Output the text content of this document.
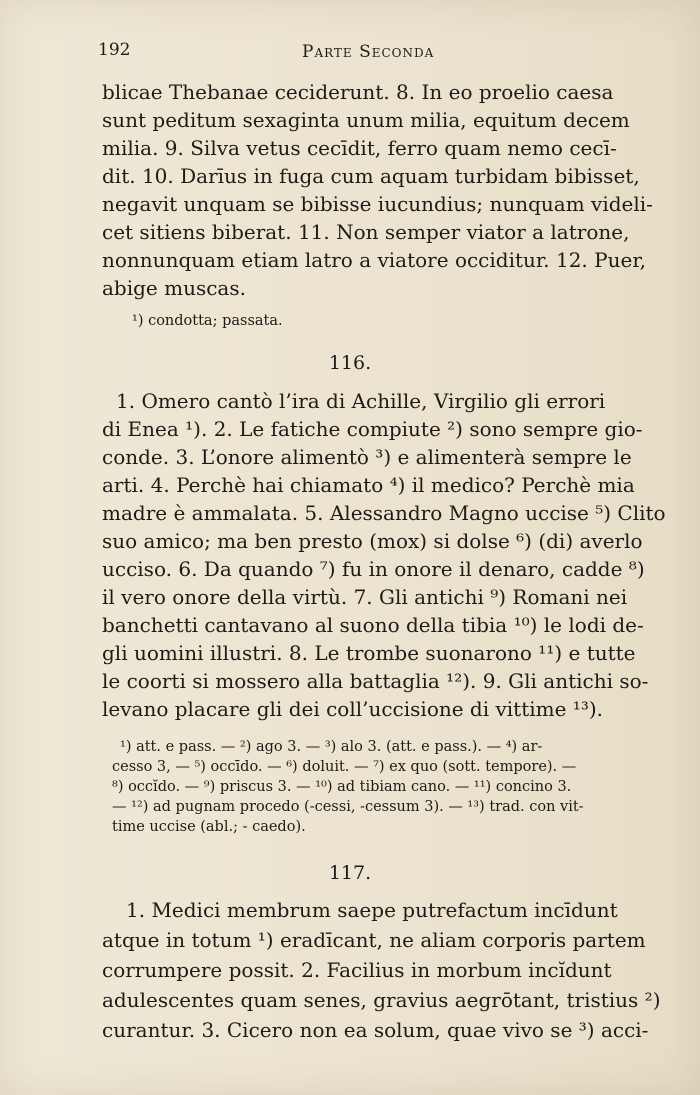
192	Parte Seconda
blicae Thebanae ceciderunt. 8. In eo proelio caesa
sunt peditum sexaginta unum milia, equitum decem
milia. 9. Silva vetus cecīdit, ferro quam nemo cecī-
dit. 10. Darīus in fuga cum aquam turbidam bibisset,
negavit unquam se bibisse iucundius; nunquam videli-
cet sitiens biberat. 11. Non semper viator a latrone,
nonnunquam etiam latro a viatore occiditur. 12. Puer,
abige muscas.
¹) condotta; passata.
116.
1. Omero cantò l’ira di Achille, Virgilio gli errori
di Enea ¹). 2. Le fatiche compiute ²) sono sempre gio-
conde. 3. L’onore alimentò ³) e alimenterà sempre le
arti. 4. Perchè hai chiamato ⁴) il medico? Perchè mia
madre è ammalata. 5. Alessandro Magno uccise ⁵) Clito
suo amico; ma ben presto (mox) si dolse ⁶) (di) averlo
ucciso. 6. Da quando ⁷) fu in onore il denaro, cadde ⁸)
il vero onore della virtù. 7. Gli antichi ⁹) Romani nei
banchetti cantavano al suono della tibia ¹⁰) le lodi de-
gli uomini illustri. 8. Le trombe suonarono ¹¹) e tutte
le coorti si mossero alla battaglia ¹²). 9. Gli antichi so-
levano placare gli dei coll’uccisione di vittime ¹³).
¹) att. e pass. — ²) ago 3. — ³) alo 3. (att. e pass.). — ⁴) ar-
cesso 3, — ⁵) occīdo. — ⁶) doluit. — ⁷) ex quo (sott. tempore). —
⁸) occĭdo. — ⁹) priscus 3. — ¹⁰) ad tibiam cano. — ¹¹) concino 3.
— ¹²) ad pugnam procedo (-cessi, -cessum 3). — ¹³) trad. con vit-
time uccise (abl.; - caedo).
117.
1. Medici membrum saepe putrefactum incīdunt
atque in totum ¹) eradīcant, ne aliam corporis partem
corrumpere possit. 2. Facilius in morbum incĭdunt
adulescentes quam senes, gravius aegrōtant, tristius ²)
curantur. 3. Cicero non ea solum, quae vivo se ³) acci-
